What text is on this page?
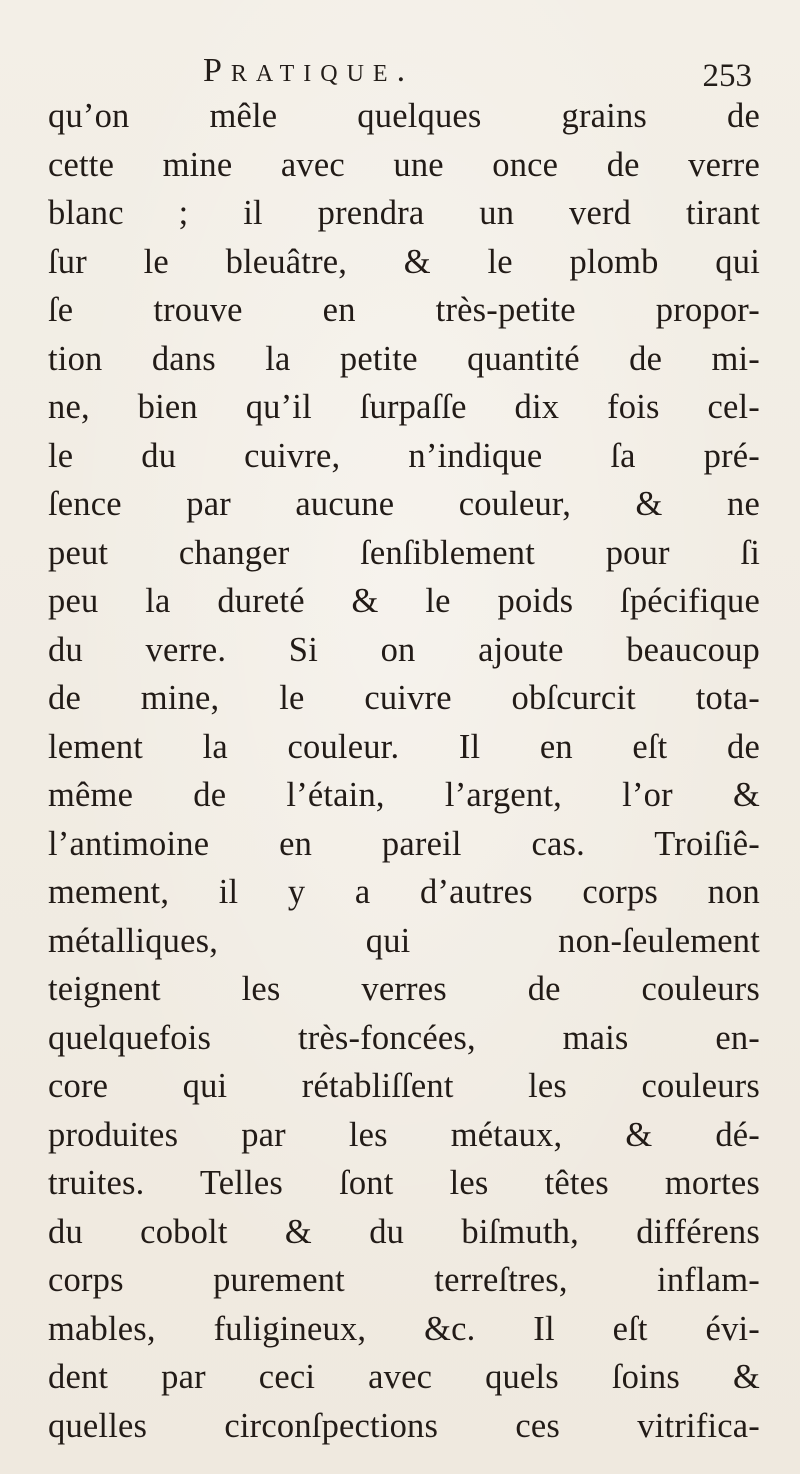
Pratique.	253
qu’on mêle quelques grains de
cette mine avec une once de verre
blanc ; il prendra un verd tirant
ſur le bleuâtre, & le plomb qui
ſe trouve en très-petite propor-
tion dans la petite quantité de mi-
ne, bien qu’il ſurpaſſe dix fois cel-
le du cuivre, n’indique ſa pré-
ſence par aucune couleur, & ne
peut changer ſenſiblement pour ſi
peu la dureté & le poids ſpécifique
du verre. Si on ajoute beaucoup
de mine, le cuivre obſcurcit tota-
lement la couleur. Il en eſt de
même de l’étain, l’argent, l’or &
l’antimoine en pareil cas. Troiſiê-
mement, il y a d’autres corps non
métalliques, qui non-ſeulement
teignent les verres de couleurs
quelquefois très-foncées, mais en-
core qui rétabliſſent les couleurs
produites par les métaux, & dé-
truites. Telles ſont les têtes mortes
du cobolt & du biſmuth, différens
corps purement terreſtres, inflam-
mables, fuligineux, &c. Il eſt évi-
dent par ceci avec quels ſoins &
quelles circonſpections ces vitrifica-
